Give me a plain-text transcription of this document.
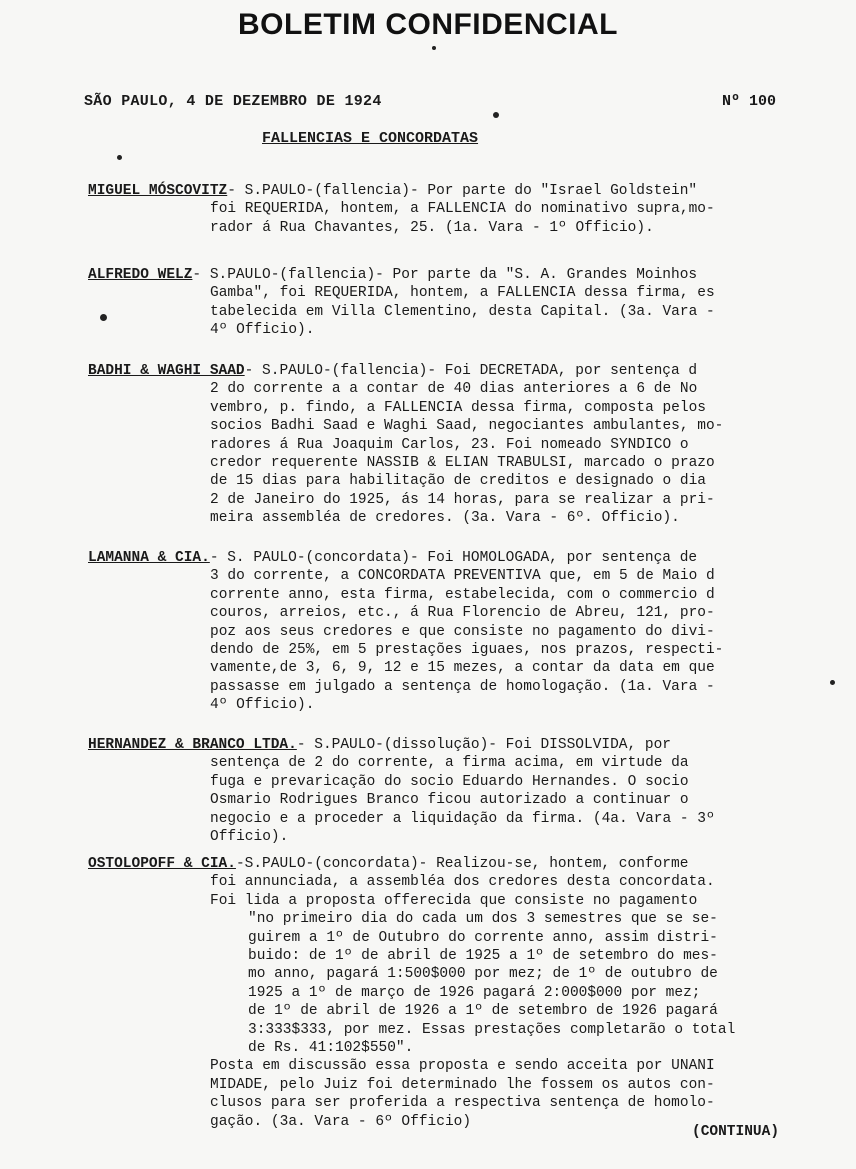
BOLETIM CONFIDENCIAL
SÃO PAULO, 4 DE DEZEMBRO DE 1924	Nº 100
FALLENCIAS E CONCORDATAS
MIGUEL MÓSCOVITZ- S.PAULO-(fallencia)- Por parte do "Israel Goldstein"
foi REQUERIDA, hontem, a FALLENCIA do nominativo supra,mo-
rador á Rua Chavantes, 25. (1a. Vara - 1º Officio).
ALFREDO WELZ- S.PAULO-(fallencia)- Por parte da "S. A. Grandes Moinhos
Gamba", foi REQUERIDA, hontem, a FALLENCIA dessa firma, es
tabelecida em Villa Clementino, desta Capital. (3a. Vara -
4º Officio).
BADHI & WAGHI SAAD- S.PAULO-(fallencia)- Foi DECRETADA, por sentença d
2 do corrente a a contar de 40 dias anteriores a 6 de No
vembro, p. findo, a FALLENCIA dessa firma, composta pelos
socios Badhi Saad e Waghi Saad, negociantes ambulantes, mo-
radores á Rua Joaquim Carlos, 23. Foi nomeado SYNDICO o
credor requerente NASSIB & ELIAN TRABULSI, marcado o prazo
de 15 dias para habilitação de creditos e designado o dia
2 de Janeiro do 1925, ás 14 horas, para se realizar a pri-
meira assembléa de credores. (3a. Vara - 6º. Officio).
LAMANNA & CIA.- S. PAULO-(concordata)- Foi HOMOLOGADA, por sentença de
3 do corrente, a CONCORDATA PREVENTIVA que, em 5 de Maio d
corrente anno, esta firma, estabelecida, com o commercio d
couros, arreios, etc., á Rua Florencio de Abreu, 121, pro-
poz aos seus credores e que consiste no pagamento do divi-
dendo de 25%, em 5 prestações iguaes, nos prazos, respecti-
vamente,de 3, 6, 9, 12 e 15 mezes, a contar da data em que
passasse em julgado a sentença de homologação. (1a. Vara -
4º Officio).
HERNANDEZ & BRANCO LTDA.- S.PAULO-(dissolução)- Foi DISSOLVIDA, por
sentença de 2 do corrente, a firma acima, em virtude da
fuga e prevaricação do socio Eduardo Hernandes. O socio
Osmario Rodrigues Branco ficou autorizado a continuar o
negocio e a proceder a liquidação da firma. (4a. Vara - 3º
Officio).
OSTOLOPOFF & CIA.-S.PAULO-(concordata)- Realizou-se, hontem, conforme
foi annunciada, a assembléa dos credores desta concordata.
Foi lida a proposta offerecida que consiste no pagamento
"no primeiro dia do cada um dos 3 semestres que se se-
guirem a 1º de Outubro do corrente anno, assim distri-
buido: de 1º de abril de 1925 a 1º de setembro do mes-
mo anno, pagará 1:500$000 por mez; de 1º de outubro de
1925 a 1º de março de 1926 pagará 2:000$000 por mez;
de 1º de abril de 1926 a 1º de setembro de 1926 pagará
3:333$333, por mez. Essas prestações completarão o total
de Rs. 41:102$550".
Posta em discussão essa proposta e sendo acceita por UNANI
MIDADE, pelo Juiz foi determinado lhe fossem os autos con-
clusos para ser proferida a respectiva sentença de homolo-
gação. (3a. Vara - 6º Officio)
(CONTINUA)
